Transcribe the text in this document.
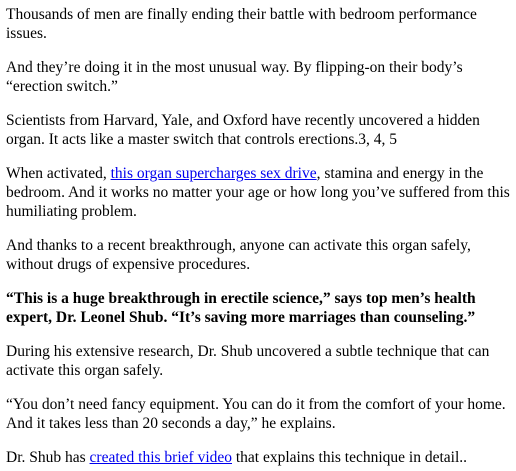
Thousands of men are finally ending their battle with bedroom performance issues.

And they’re doing it in the most unusual way. By flipping-on their body’s “erection switch.”

Scientists from Harvard, Yale, and Oxford have recently uncovered a hidden organ. It acts like a master switch that controls erections.3, 4, 5

When activated, this organ supercharges sex drive, stamina and energy in the bedroom. And it works no matter your age or how long you’ve suffered from this humiliating problem.

And thanks to a recent breakthrough, anyone can activate this organ safely, without drugs of expensive procedures.

“This is a huge breakthrough in erectile science,” says top men’s health expert, Dr. Leonel Shub. “It’s saving more marriages than counseling.”

During his extensive research, Dr. Shub uncovered a subtle technique that can activate this organ safely.

“You don’t need fancy equipment. You can do it from the comfort of your home. And it takes less than 20 seconds a day,” he explains.

Dr. Shub has created this brief video that explains this technique in detail..
